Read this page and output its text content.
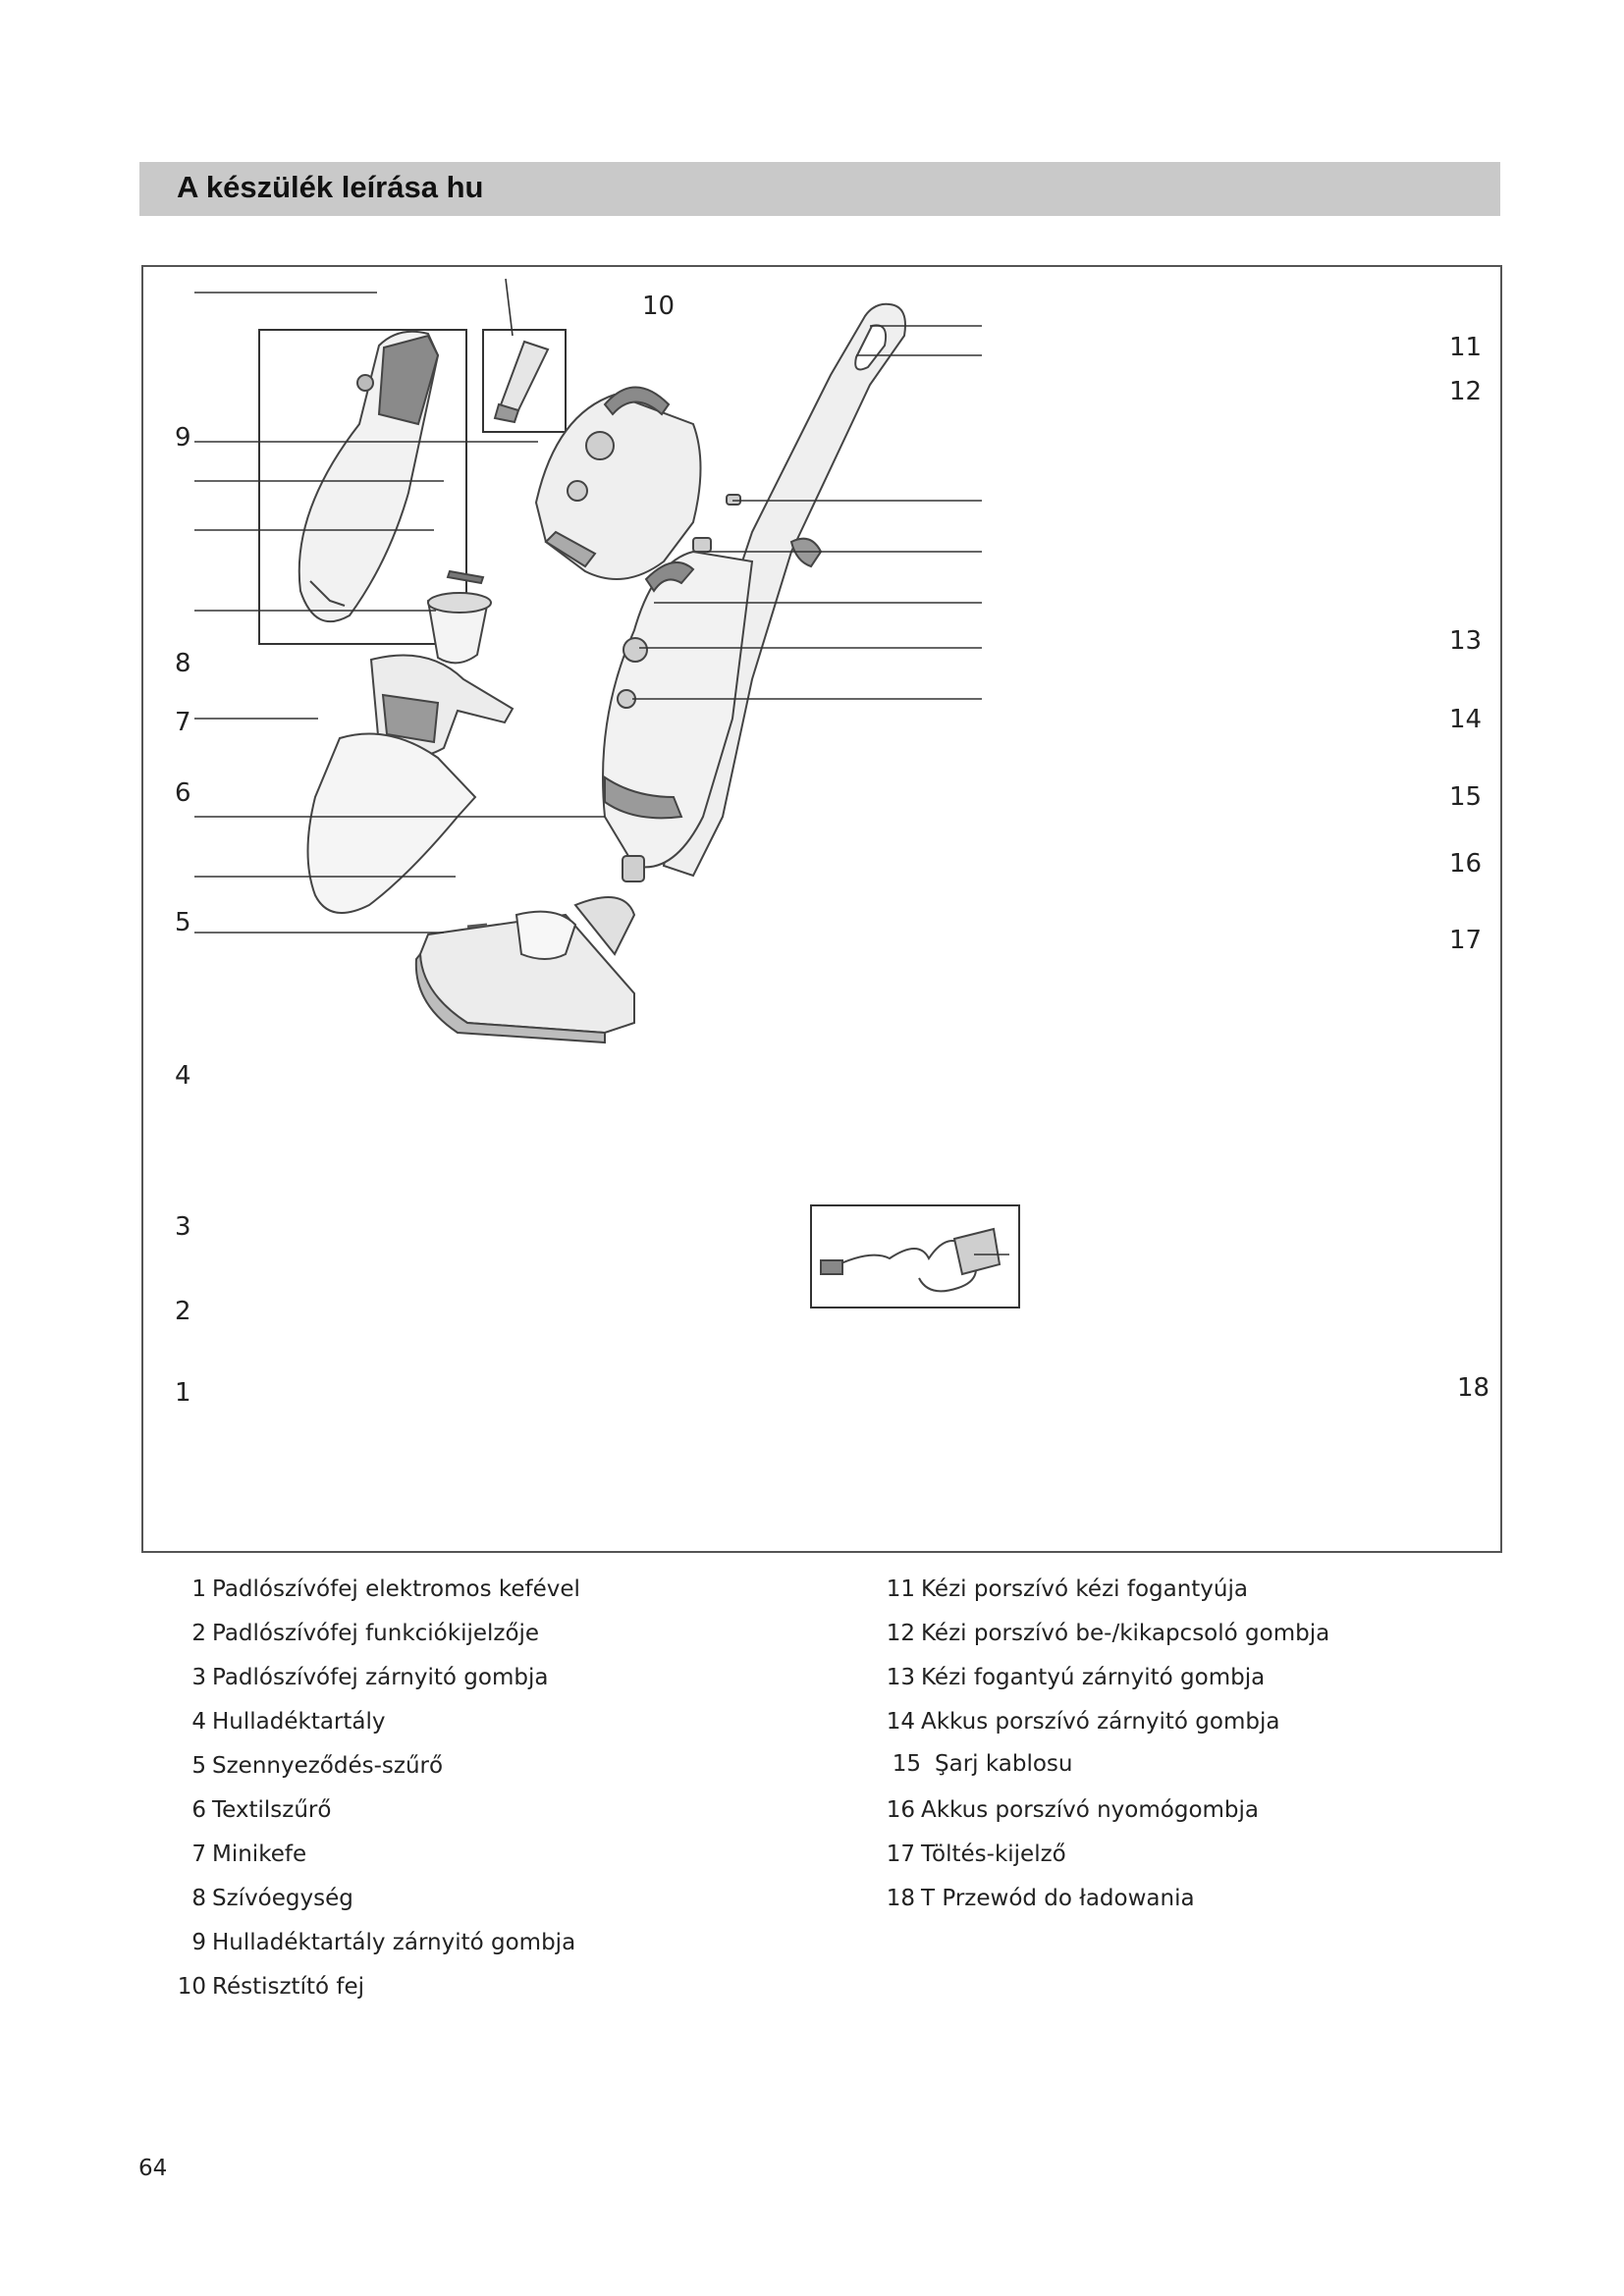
A készülék leírása hu
1
2
3
4
5
6
7
8
9
10
11
12
13
14
15
16
17
18
1 Padlószívófej elektromos kefével
2 Padlószívófej funkciókijelzője
3 Padlószívófej zárnyitó gombja
4 Hulladéktartály
5 Szennyeződés-szűrő
6 Textilszűrő
7 Minikefe
8 Szívóegység
9 Hulladéktartály zárnyitó gombja
10 Réstisztító fej
11 Kézi porszívó kézi fogantyúja
12 Kézi porszívó be-/kikapcsoló gombja
13 Kézi fogantyú zárnyitó gombja
14 Akkus porszívó zárnyitó gombja
15 Şarj kablosu
16 Akkus porszívó nyomógombja
17 Töltés-kijelző
18 T Przewód do ładowania
64
